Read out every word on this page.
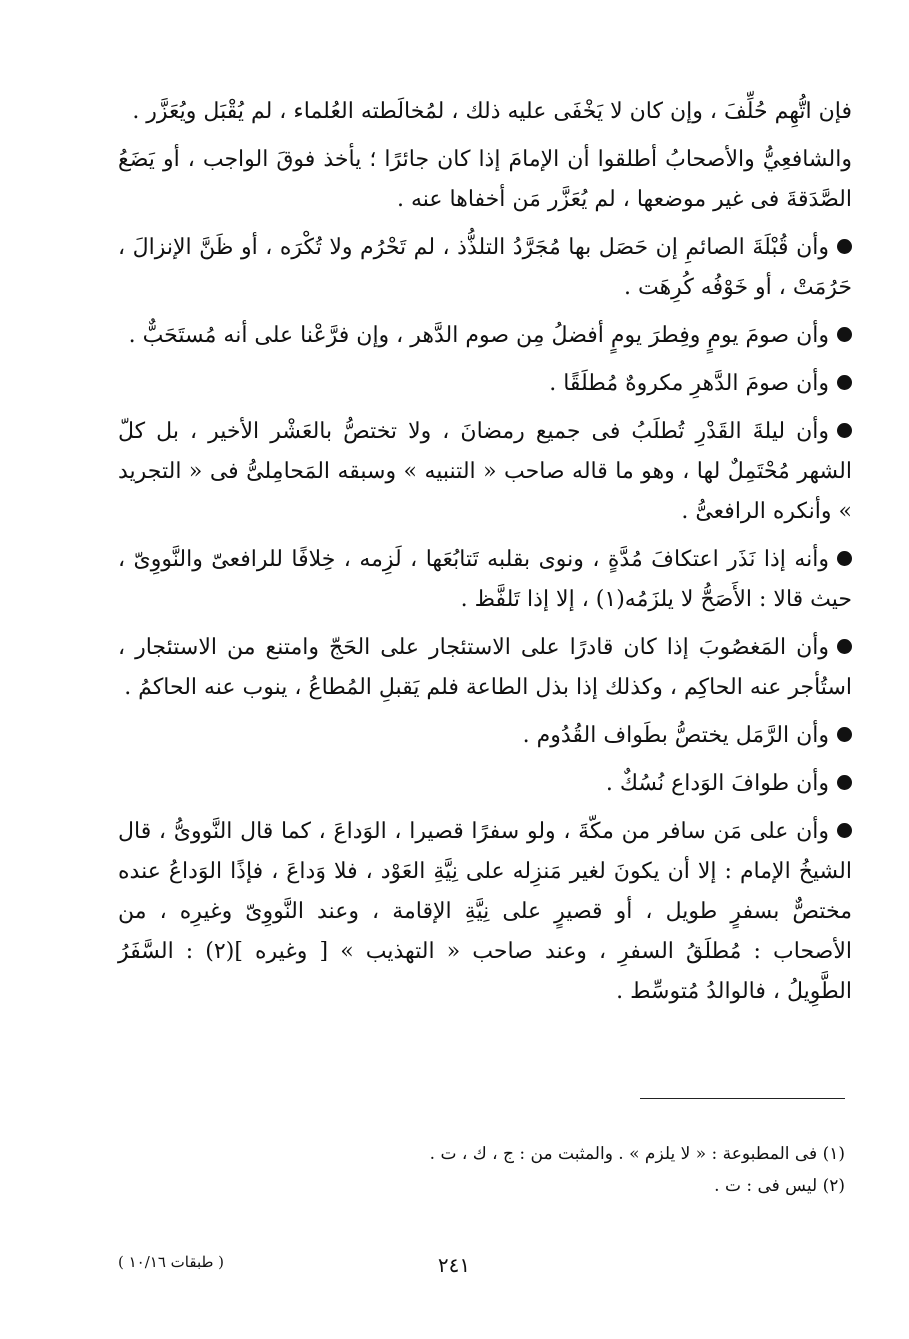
فإن اتُّهِم حُلِّفَ ، وإن كان لا يَخْفَى عليه ذلك ، لمُخالَطته العُلماء ، لم يُقْبَل ويُعَزَّر .

والشافعِيُّ والأصحابُ أطلقوا أن الإمامَ إذا كان جائرًا ؛ يأخذ فوقَ الواجب ، أو يَضَعُ الصَّدَقةَ فى غير موضعها ، لم يُعَزَّر مَن أخفاها عنه .

وأن قُبْلَةَ الصائمِ إن حَصَل بها مُجَرَّدُ التلذُّذ ، لم تَحْرُم ولا تُكْرَه ، أو ظَنَّ الإنزالَ ، حَرُمَتْ ، أو خَوْفُه كُرِهَت .

وأن صومَ يومٍ وفِطرَ يومٍ أفضلُ مِن صوم الدَّهر ، وإن فرَّعْنا على أنه مُستَحَبٌّ .

وأن صومَ الدَّهرِ مكروهٌ مُطلَقًا .

وأن ليلةَ القَدْرِ تُطلَبُ فى جميع رمضانَ ، ولا تختصُّ بالعَشْر الأخير ، بل كلّ الشهر مُحْتَمِلٌ لها ، وهو ما قاله صاحب « التنبيه » وسبقه المَحامِلىُّ فى « التجريد » وأنكره الرافعىُّ .

وأنه إذا نَذَر اعتكافَ مُدَّةٍ ، ونوى بقلبه تَتابُعَها ، لَزِمه ، خِلافًا للرافعىّ والنَّووِىّ ، حيث قالا : الأَصَحُّ لا يلزَمُه(١) ، إلا إذا تَلفَّظ .

وأن المَغصُوبَ إذا كان قادرًا على الاستئجار على الحَجّ وامتنع من الاستئجار ، استُأجر عنه الحاكِم ، وكذلك إذا بذل الطاعة فلم يَقبلِ المُطاعُ ، ينوب عنه الحاكمُ .

وأن الرَّمَل يختصُّ بطَواف القُدُوم .

وأن طوافَ الوَداع نُسُكٌ .

وأن على مَن سافر من مكّةَ ، ولو سفرًا قصيرا ، الوَداعَ ، كما قال النَّووىُّ ، قال الشيخُ الإمام : إلا أن يكونَ لغير مَنزِله على نِيَّةِ العَوْد ، فلا وَداعَ ، فإذًا الوَداعُ عنده مختصٌّ بسفرٍ طويل ، أو قصيرٍ على نِيَّةِ الإقامة ، وعند النَّووِىّ وغيرِه ، من الأصحاب : مُطلَقُ السفرِ ، وعند صاحب « التهذيب » [ وغيره ](٢) : السَّفَرُ الطَّوِيلُ ، فالوالدُ مُتوسِّط .

(١) فى المطبوعة : « لا يلزم » . والمثبت من : ج ، ك ، ت .

(٢) ليس فى : ت .

٢٤١
( طبقات ١٠/١٦ )
